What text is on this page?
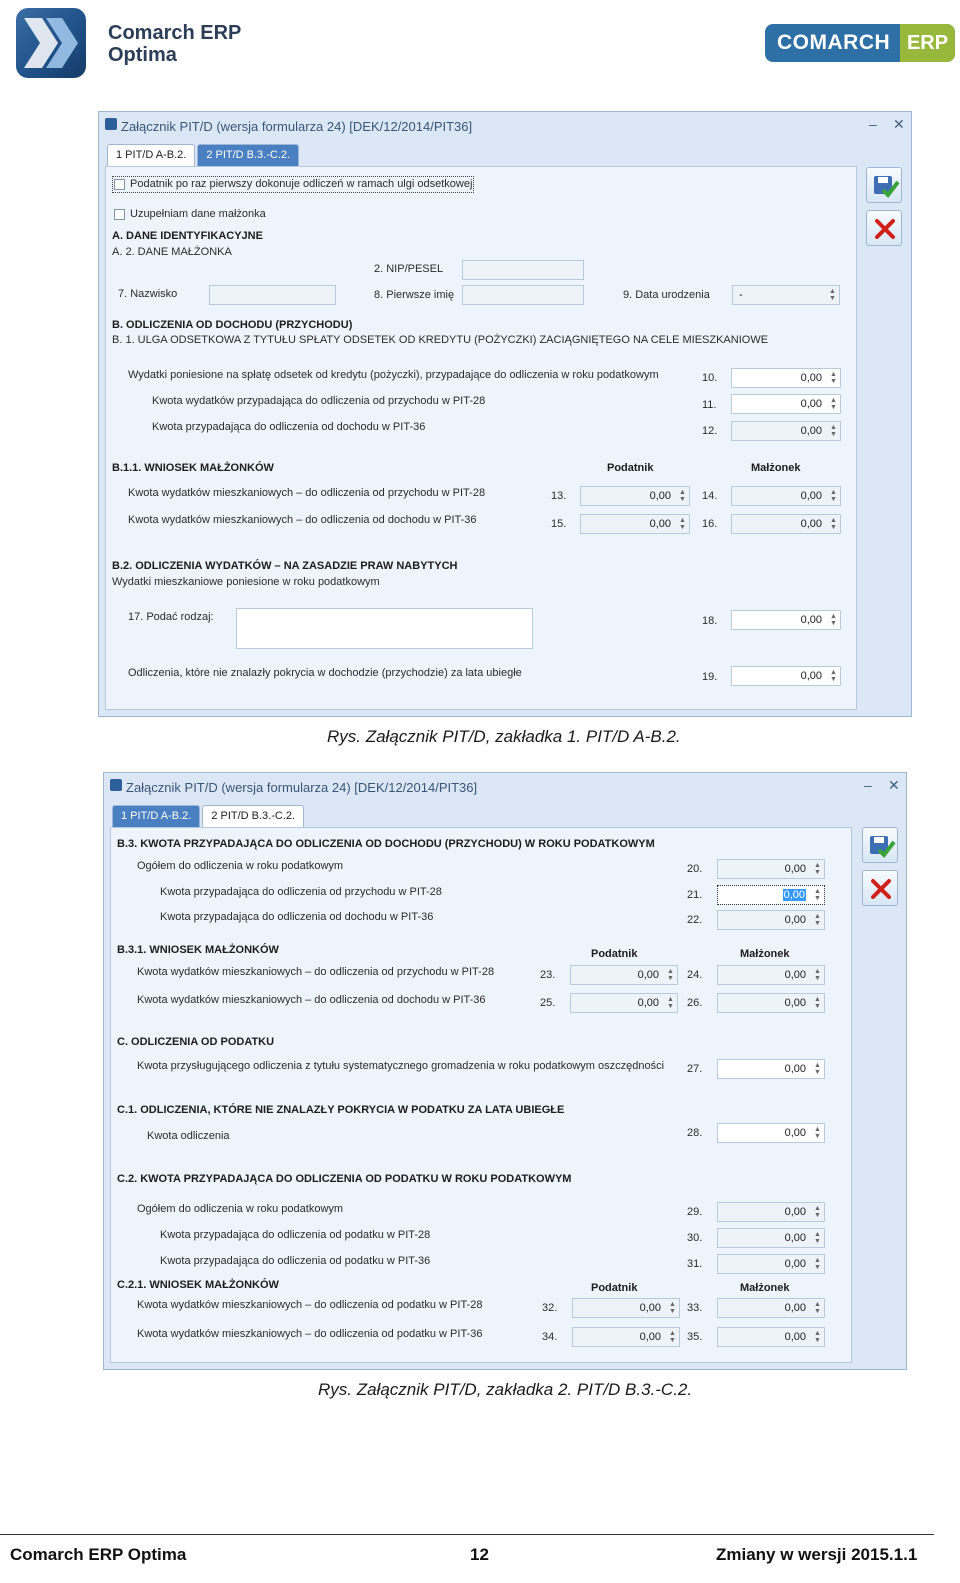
Comarch ERP
Optima
COMARCH ERP
Załącznik PIT/D (wersja formularza 24) [DEK/12/2014/PIT36]	– ✕
1 PIT/D A-B.2.	2 PIT/D B.3.-C.2.
Podatnik po raz pierwszy dokonuje odliczeń w ramach ulgi odsetkowej
Uzupełniam dane małżonka
A. DANE IDENTYFIKACYJNE
A. 2. DANE MAŁŻONKA
2. NIP/PESEL
7. Nazwisko	8. Pierwsze imię	9. Data urodzenia	-	▲
▼
B. ODLICZENIA OD DOCHODU (PRZYCHODU)
B. 1. ULGA ODSETKOWA Z TYTUŁU SPŁATY ODSETEK OD KREDYTU (POŻYCZKI) ZACIĄGNIĘTEGO NA CELE MIESZKANIOWE
Wydatki poniesione na spłatę odsetek od kredytu (pożyczki), przypadające do odliczenia w roku podatkowym	10.	0,00 ▲
▼
Kwota wydatków przypadająca do odliczenia od przychodu w PIT-28	11.	0,00 ▲
▼
Kwota przypadająca do odliczenia od dochodu w PIT-36	12.	0,00 ▲
▼
B.1.1. WNIOSEK MAŁŻONKÓW	Podatnik	Małżonek
Kwota wydatków mieszkaniowych – do odliczenia od przychodu w PIT-28	13.	0,00 ▲
▼ 14.	0,00 ▲
▼
Kwota wydatków mieszkaniowych – do odliczenia od dochodu w PIT-36	15.	0,00 ▲
▼ 16.	0,00 ▲
▼
B.2. ODLICZENIA WYDATKÓW – NA ZASADZIE PRAW NABYTYCH
Wydatki mieszkaniowe poniesione w roku podatkowym
17. Podać rodzaj:	18.	0,00 ▲
▼
Odliczenia, które nie znalazły pokrycia w dochodzie (przychodzie) za lata ubiegłe	19.	0,00 ▲
▼
Rys. Załącznik PIT/D, zakładka 1. PIT/D A-B.2.
Załącznik PIT/D (wersja formularza 24) [DEK/12/2014/PIT36]	– ✕
1 PIT/D A-B.2.	2 PIT/D B.3.-C.2.
B.3. KWOTA PRZYPADAJĄCA DO ODLICZENIA OD DOCHODU (PRZYCHODU) W ROKU PODATKOWYM
Ogółem do odliczenia w roku podatkowym	20.	0,00 ▲
▼
Kwota przypadająca do odliczenia od przychodu w PIT-28	21.	0,00 ▲
▼
Kwota przypadająca do odliczenia od dochodu w PIT-36	22.	0,00 ▲
▼
B.3.1. WNIOSEK MAŁŻONKÓW	Podatnik	Małżonek
Kwota wydatków mieszkaniowych – do odliczenia od przychodu w PIT-28	23.	0,00 ▲
▼ 24.	0,00 ▲
▼
Kwota wydatków mieszkaniowych – do odliczenia od dochodu w PIT-36	25.	0,00 ▲
▼ 26.	0,00 ▲
▼
C. ODLICZENIA OD PODATKU
Kwota przysługującego odliczenia z tytułu systematycznego gromadzenia w roku podatkowym oszczędności 27.	0,00 ▲
▼
C.1. ODLICZENIA, KTÓRE NIE ZNALAZŁY POKRYCIA W PODATKU ZA LATA UBIEGŁE
Kwota odliczenia	28.	0,00 ▲
▼
C.2. KWOTA PRZYPADAJĄCA DO ODLICZENIA OD PODATKU W ROKU PODATKOWYM
Ogółem do odliczenia w roku podatkowym	29.	0,00 ▲
▼
Kwota przypadająca do odliczenia od podatku w PIT-28	30.	0,00 ▲
▼
Kwota przypadająca do odliczenia od podatku w PIT-36	31.	0,00 ▲
▼
C.2.1. WNIOSEK MAŁŻONKÓW	Podatnik	Małżonek
Kwota wydatków mieszkaniowych – do odliczenia od podatku w PIT-28	32.	0,00 ▲
▼ 33.	0,00 ▲
▼
Kwota wydatków mieszkaniowych – do odliczenia od podatku w PIT-36	34.	0,00 ▲
▼ 35.	0,00 ▲
▼
Rys. Załącznik PIT/D, zakładka 2. PIT/D B.3.-C.2.
Comarch ERP Optima	12	Zmiany w wersji 2015.1.1
